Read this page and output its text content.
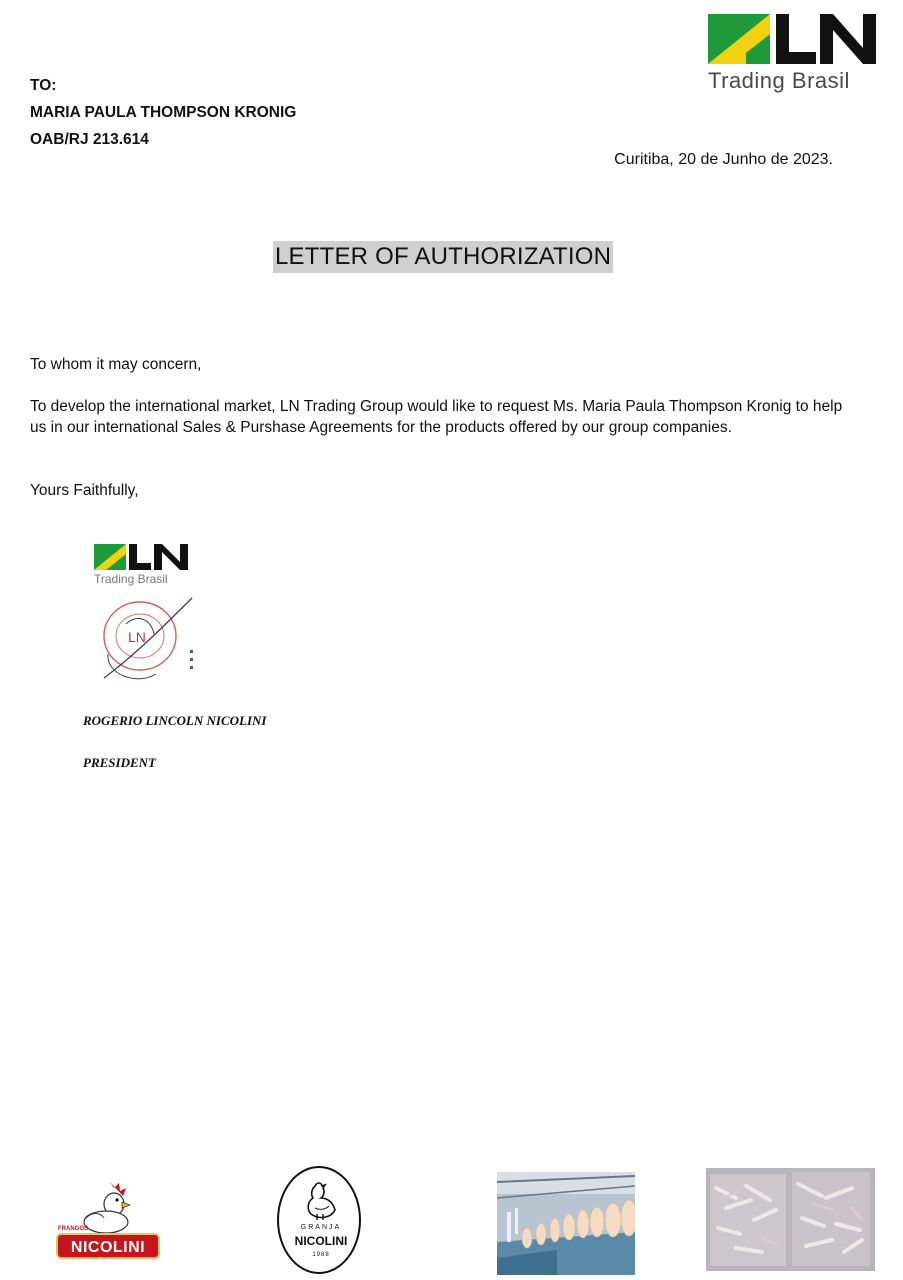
Trading Brasil
TO:
MARIA PAULA THOMPSON KRONIG
OAB/RJ 213.614
Curitiba, 20 de Junho de 2023.
LETTER OF AUTHORIZATION
To whom it may concern,
To develop the international market, LN Trading Group would like to request Ms. Maria Paula Thompson Kronig to help us in our international Sales & Purshase Agreements for the products offered by our group companies.
Yours Faithfully,
Trading Brasil
LN
ROGERIO LINCOLN NICOLINI
PRESIDENT
FRANGOS
NICOLINI
GRANJA
NICOLINI
1988
